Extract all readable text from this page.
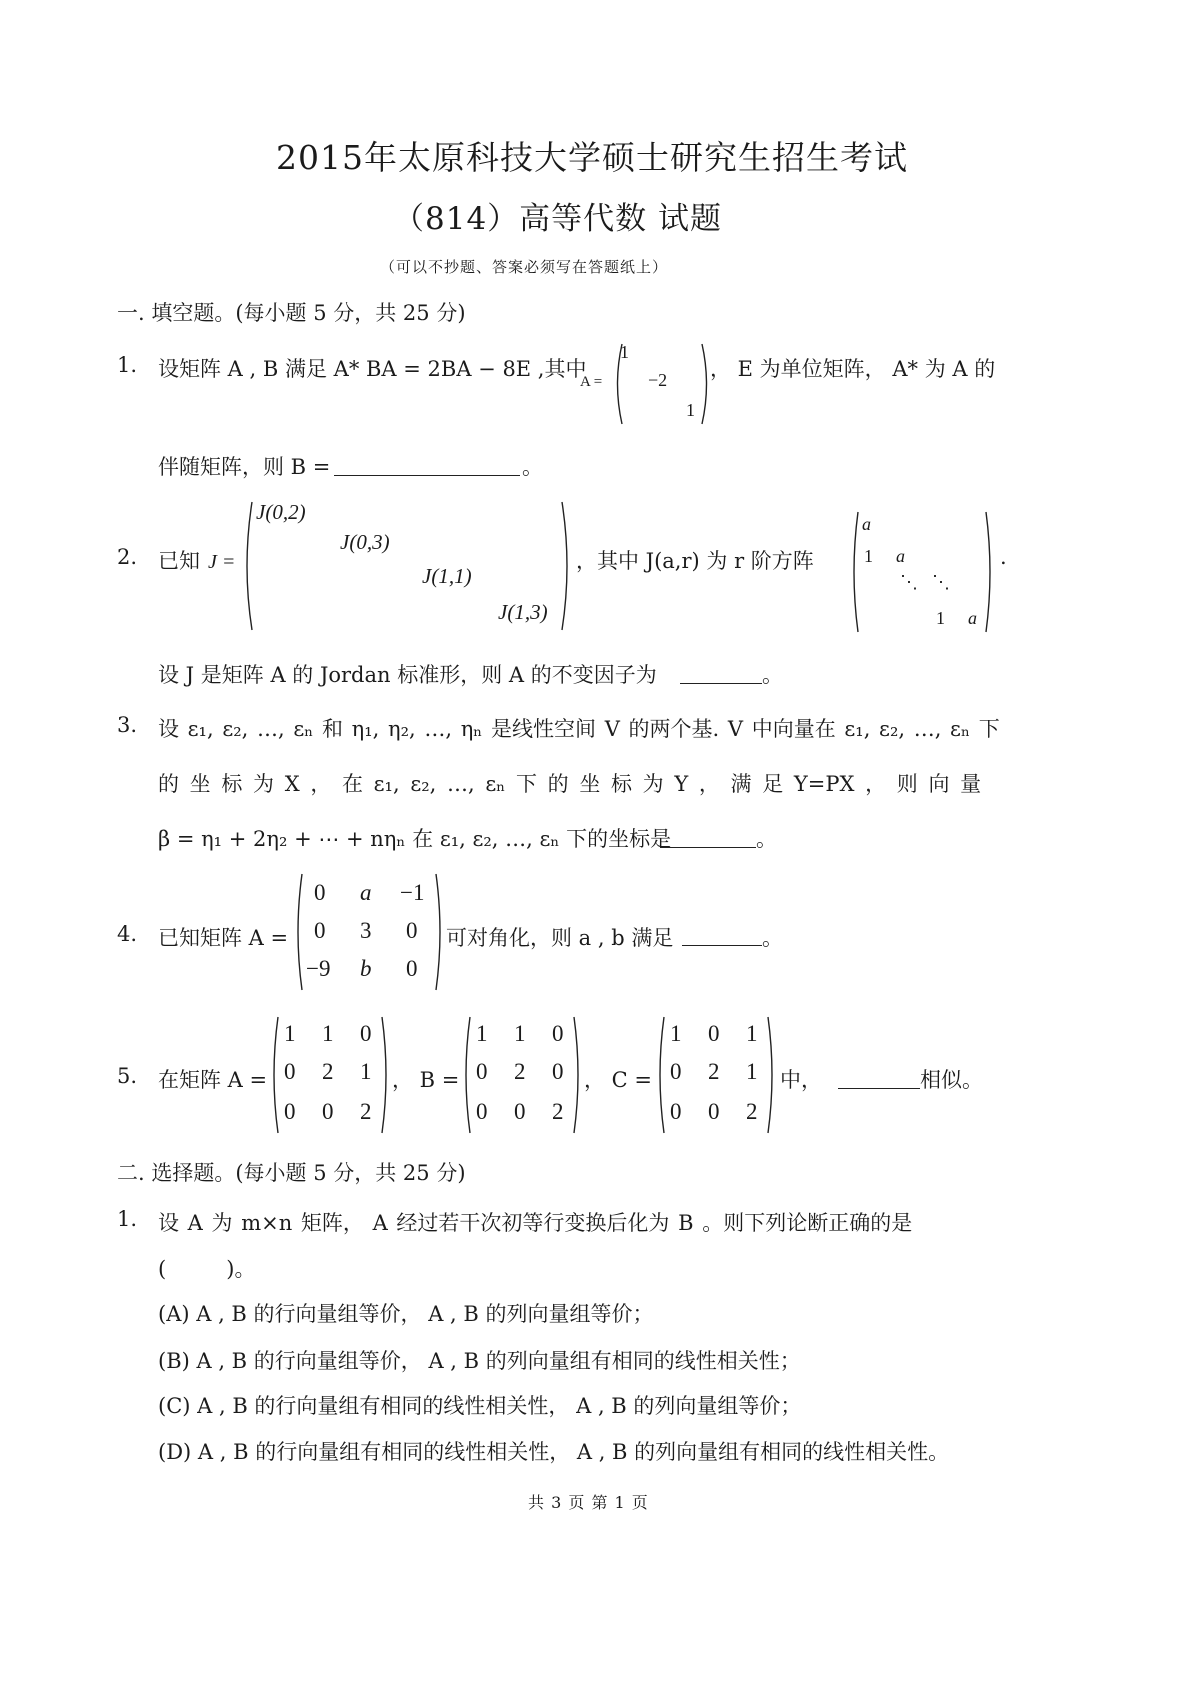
2015年太原科技大学硕士研究生招生考试
（814）高等代数 试题
（可以不抄题、答案必须写在答题纸上）
一. 填空题。(每小题 5 分，共 25 分)
1. 设矩阵 A , B 满足 A* BA = 2BA − 8E ,其中
A =
1
−2
1
， E 为单位矩阵， A* 为 A 的
伴随矩阵，则 B =	。
2. 已知 J =
J(0,2)
J(0,3)
J(1,1)
J(1,3)
，其中 J(a,r) 为 r 阶方阵
a
1 a
⋱ ⋱
1 a
.
设 J 是矩阵 A 的 Jordan 标准形，则 A 的不变因子为	。
3. 设 ε₁, ε₂, …, εₙ 和 η₁, η₂, …, ηₙ 是线性空间 V 的两个基. V 中向量在 ε₁, ε₂, …, εₙ 下
的 坐 标 为 X ， 在 ε₁, ε₂, …, εₙ 下 的 坐 标 为 Y ， 满 足 Y=PX ， 则 向 量
β = η₁ + 2η₂ + ⋯ + nηₙ 在 ε₁, ε₂, …, εₙ 下的坐标是	。
4. 已知矩阵 A =
0 a −1
0 3 0
−9 b 0
可对角化，则 a , b 满足	。
5. 在矩阵 A =
1 1 0
0 2 1
0 0 2
， B =
1 1 0
0 2 0
0 0 2
， C =
1 0 1
0 2 1
0 0 2
中，	相似。
二. 选择题。(每小题 5 分，共 25 分)
1. 设 A 为 m×n 矩阵， A 经过若干次初等行变换后化为 B 。则下列论断正确的是
(         )。
(A) A , B 的行向量组等价， A , B 的列向量组等价；
(B) A , B 的行向量组等价， A , B 的列向量组有相同的线性相关性；
(C) A , B 的行向量组有相同的线性相关性， A , B 的列向量组等价；
(D) A , B 的行向量组有相同的线性相关性， A , B 的列向量组有相同的线性相关性。
共 3 页 第 1 页
